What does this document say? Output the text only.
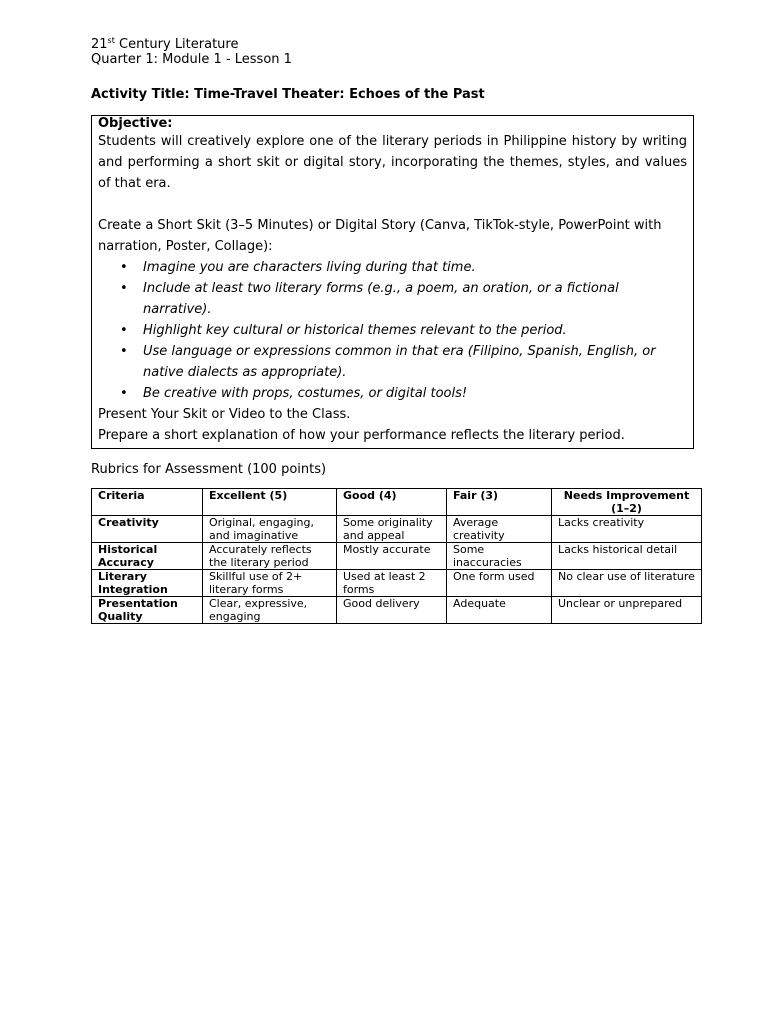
21st Century Literature
Quarter 1: Module 1 - Lesson 1
Activity Title: Time-Travel Theater: Echoes of the Past
Objective:
Students will creatively explore one of the literary periods in Philippine history by writing and performing a short skit or digital story, incorporating the themes, styles, and values of that era.
Create a Short Skit (3–5 Minutes) or Digital Story (Canva, TikTok-style, PowerPoint with narration, Poster, Collage):
• Imagine you are characters living during that time.
• Include at least two literary forms (e.g., a poem, an oration, or a fictional narrative).
• Highlight key cultural or historical themes relevant to the period.
• Use language or expressions common in that era (Filipino, Spanish, English, or native dialects as appropriate).
• Be creative with props, costumes, or digital tools!
Present Your Skit or Video to the Class.
Prepare a short explanation of how your performance reflects the literary period.
Rubrics for Assessment (100 points)
Criteria	Excellent (5)	Good (4)	Fair (3)	Needs Improvement (1–2)
Creativity	Original, engaging, and imaginative	Some originality and appeal	Average creativity	Lacks creativity
Historical Accuracy	Accurately reflects the literary period	Mostly accurate	Some inaccuracies	Lacks historical detail
Literary Integration	Skillful use of 2+ literary forms	Used at least 2 forms	One form used	No clear use of literature
Presentation Quality	Clear, expressive, engaging	Good delivery	Adequate	Unclear or unprepared
